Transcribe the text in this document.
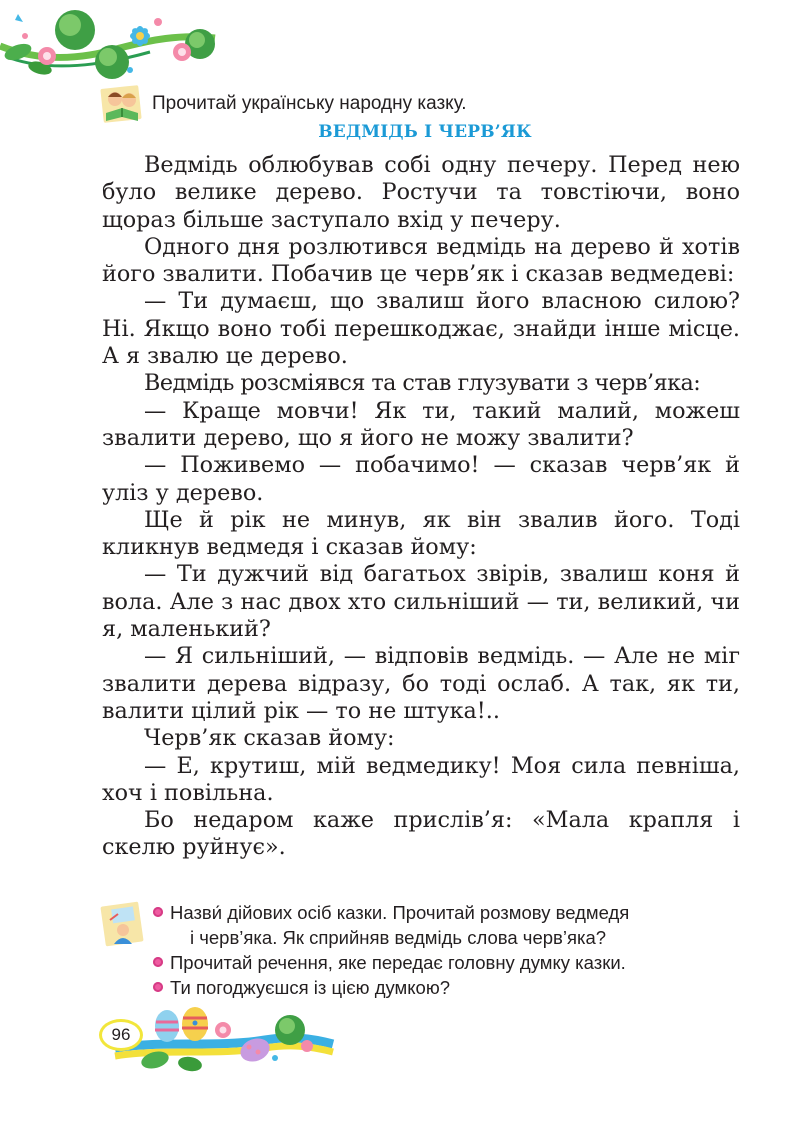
Прочитай українську народну казку.
ВЕДМІДЬ І ЧЕРВ’ЯК

Ведмідь облюбував собі одну печеру. Перед нею було велике дерево. Ростучи та товстіючи, воно щораз більше заступало вхід у печеру.

Одного дня розлютився ведмідь на дерево й хотів його звалити. Побачив це черв’як і сказав ведмедеві:

— Ти думаєш, що звалиш його власною силою? Ні. Якщо воно тобі перешкоджає, знайди інше місце. А я звалю це дерево.

Ведмідь розсміявся та став глузувати з черв’яка:

— Краще мовчи! Як ти, такий малий, можеш звалити дерево, що я його не можу звалити?

— Поживемо — побачимо! — сказав черв’як й уліз у дерево.

Ще й рік не минув, як він звалив його. Тоді кликнув ведмедя і сказав йому:

— Ти дужчий від багатьох звірів, звалиш коня й вола. Але з нас двох хто сильніший — ти, великий, чи я, маленький?

— Я сильніший, — відповів ведмідь. — Але не міг звалити дерева відразу, бо тоді ослаб. А так, як ти, валити цілий рік — то не штука!..

Черв’як сказав йому:

— Е, крутиш, мій ведмедику! Моя сила певніша, хоч і повільна.

Бо недаром каже прислів’я: «Мала крапля і скелю руйнує».

Назви́ дійових осіб казки. Прочитай розмову ведмедя
і черв’яка. Як сприйняв ведмідь слова черв’яка?
Прочитай речення, яке передає головну думку казки.
Ти погоджуєшся із цією думкою?
96
